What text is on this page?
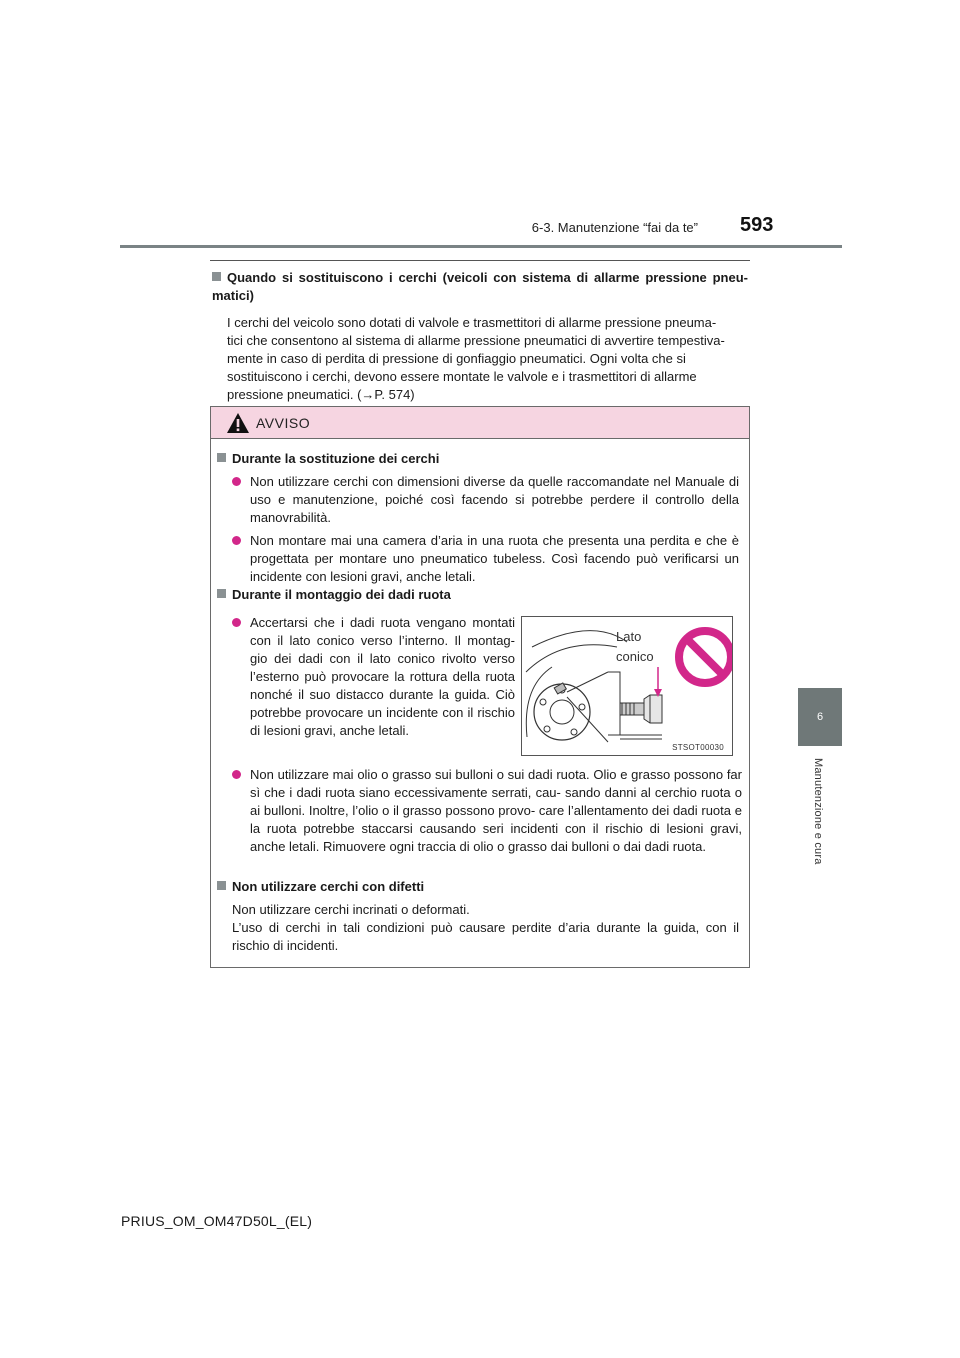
6-3. Manutenzione “fai da te” 593
6
Manutenzione e cura
Quando si sostituiscono i cerchi (veicoli con sistema di allarme pressione pneu- matici)

I cerchi del veicolo sono dotati di valvole e trasmettitori di allarme pressione pneuma-

tici che consentono al sistema di allarme pressione pneumatici di avvertire tempestiva-

mente in caso di perdita di pressione di gonfiaggio pneumatici. Ogni volta che si

sostituiscono i cerchi, devono essere montate le valvole e i trasmettitori di allarme

pressione pneumatici. (→P. 574)

AVVISO
Durante la sostituzione dei cerchi
Non utilizzare cerchi con dimensioni diverse da quelle raccomandate nel Manuale di uso e manutenzione, poiché così facendo si potrebbe perdere il controllo della manovrabilità.
Non montare mai una camera d’aria in una ruota che presenta una perdita e che è progettata per montare uno pneumatico tubeless. Così facendo può verificarsi un incidente con lesioni gravi, anche letali.
Durante il montaggio dei dadi ruota
Accertarsi che i dadi ruota vengano montati con il lato conico verso l’interno. Il montag- gio dei dadi con il lato conico rivolto verso l’esterno può provocare la rottura della ruota nonché il suo distacco durante la guida. Ciò potrebbe provocare un incidente con il rischio di lesioni gravi, anche letali.
Non utilizzare mai olio o grasso sui bulloni o sui dadi ruota. Olio e grasso possono far sì che i dadi ruota siano eccessivamente serrati, cau- sando danni al cerchio ruota o ai bulloni. Inoltre, l’olio o il grasso possono provo- care l’allentamento dei dadi ruota e la ruota potrebbe staccarsi causando seri incidenti con il rischio di lesioni gravi, anche letali. Rimuovere ogni traccia di olio o grasso dai bulloni o dai dadi ruota.
Non utilizzare cerchi con difetti
Non utilizzare cerchi incrinati o deformati.
L’uso di cerchi in tali condizioni può causare perdite d’aria durante la guida, con il rischio di incidenti.
Lato
conico
STSOT00030
PRIUS_OM_OM47D50L_(EL)
